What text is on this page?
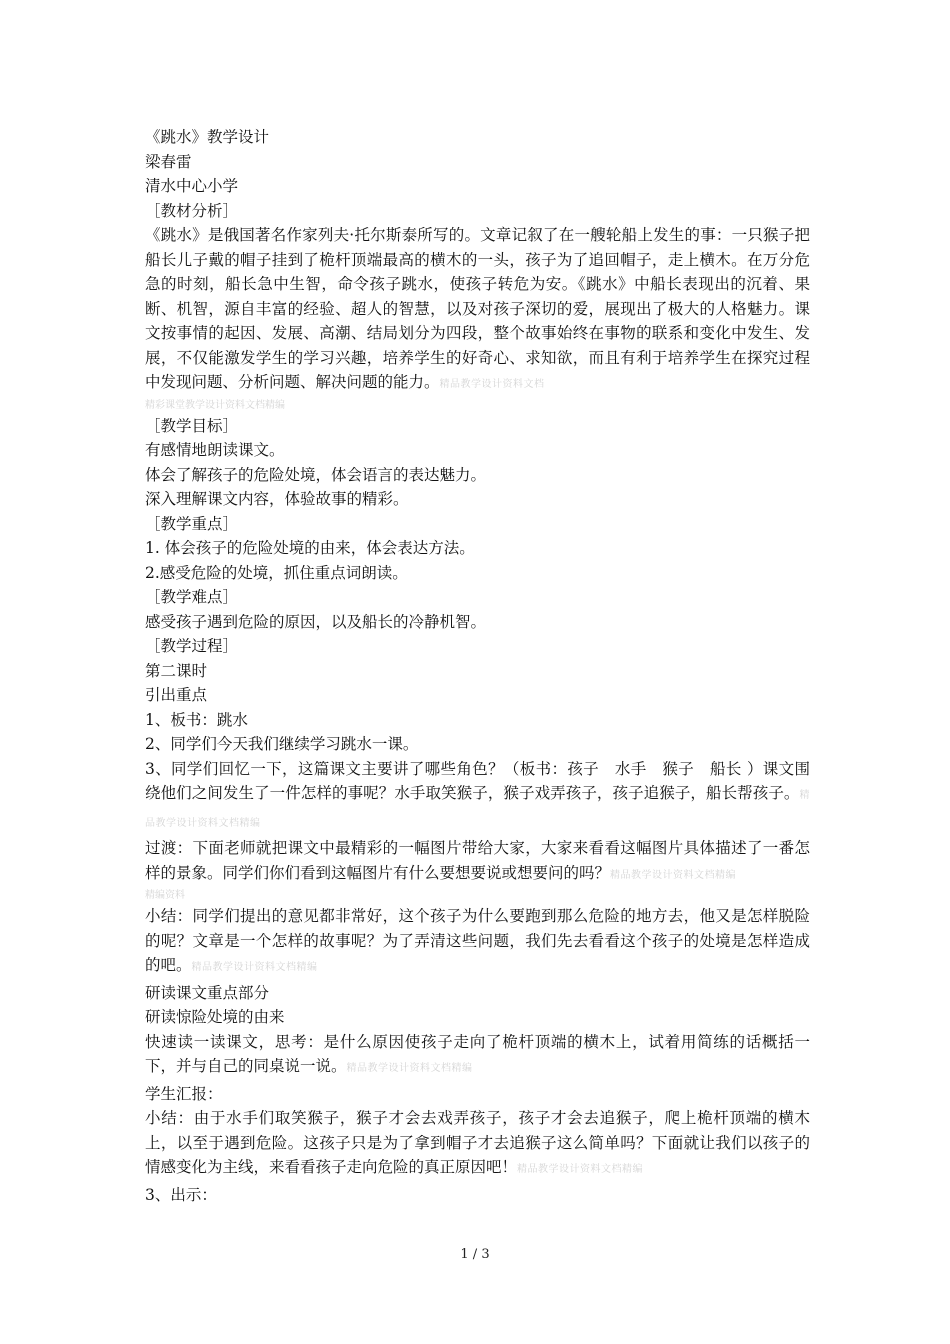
《跳水》教学设计

梁春雷

清水中心小学

［教材分析］

《跳水》是俄国著名作家列夫·托尔斯泰所写的。文章记叙了在一艘轮船上发生的事：一只猴子把船长儿子戴的帽子挂到了桅杆顶端最高的横木的一头，孩子为了追回帽子，走上横木。在万分危急的时刻，船长急中生智，命令孩子跳水，使孩子转危为安。《跳水》中船长表现出的沉着、果断、机智，源自丰富的经验、超人的智慧，以及对孩子深切的爱，展现出了极大的人格魅力。课文按事情的起因、发展、高潮、结局划分为四段，整个故事始终在事物的联系和变化中发生、发展，不仅能激发学生的学习兴趣，培养学生的好奇心、求知欲，而且有利于培养学生在探究过程中发现问题、分析问题、解决问题的能力。精品教学设计资料文档
精彩课堂教学设计资料文档精编

［教学目标］

有感情地朗读课文。

体会了解孩子的危险处境，体会语言的表达魅力。

深入理解课文内容，体验故事的精彩。

［教学重点］

1. 体会孩子的危险处境的由来，体会表达方法。

2.感受危险的处境，抓住重点词朗读。

［教学难点］

感受孩子遇到危险的原因，以及船长的冷静机智。

［教学过程］

第二课时

引出重点

1、板书：跳水

2、同学们今天我们继续学习跳水一课。

3、同学们回忆一下，这篇课文主要讲了哪些角色？（板书：孩子　水手　猴子　船长 ）课文围绕他们之间发生了一件怎样的事呢？水手取笑猴子，猴子戏弄孩子，孩子追猴子，船长帮孩子。精品教学设计资料文档精编

过渡：下面老师就把课文中最精彩的一幅图片带给大家，大家来看看这幅图片具体描述了一番怎样的景象。同学们你们看到这幅图片有什么要想要说或想要问的吗？精品教学设计资料文档精编
精编资料

小结：同学们提出的意见都非常好，这个孩子为什么要跑到那么危险的地方去，他又是怎样脱险的呢？文章是一个怎样的故事呢？为了弄清这些问题，我们先去看看这个孩子的处境是怎样造成的吧。精品教学设计资料文档精编

研读课文重点部分

研读惊险处境的由来

快速读一读课文，思考：是什么原因使孩子走向了桅杆顶端的横木上，试着用简练的话概括一下，并与自己的同桌说一说。精品教学设计资料文档精编

学生汇报：

小结：由于水手们取笑猴子，猴子才会去戏弄孩子，孩子才会去追猴子，爬上桅杆顶端的横木上，以至于遇到危险。这孩子只是为了拿到帽子才去追猴子这么简单吗？下面就让我们以孩子的情感变化为主线，来看看孩子走向危险的真正原因吧！精品教学设计资料文档精编

3、出示：

1 / 3
